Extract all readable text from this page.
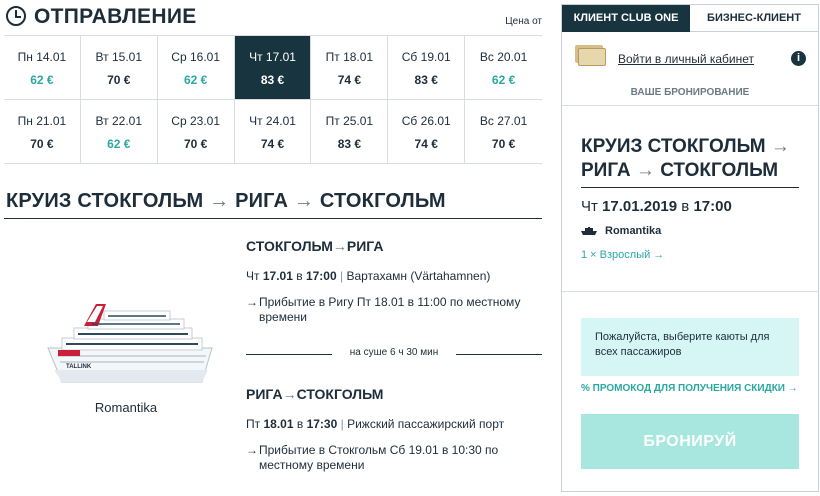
ОТПРАВЛЕНИЕ	Цена от
Пн 14.01
62 €
Вт 15.01
70 €
Ср 16.01
62 €
Чт 17.01
83 €
Пт 18.01
74 €
Сб 19.01
83 €
Вс 20.01
62 €
Пн 21.01
70 €
Вт 22.01
62 €
Ср 23.01
70 €
Чт 24.01
74 €
Пт 25.01
83 €
Сб 26.01
74 €
Вс 27.01
70 €
КРУИЗ СТОКГОЛЬМ → РИГА → СТОКГОЛЬМ
TALLINK
Romantika
СТОКГОЛЬМ→РИГА
Чт 17.01 в 17:00 | Вартахамн (Värtahamnen)
→ Прибытие в Ригу Пт 18.01 в 11:00 по местному времени
на суше 6 ч 30 мин
РИГА→СТОКГОЛЬМ
Пт 18.01 в 17:30 | Рижский пассажирский порт
→ Прибытие в Стокгольм Сб 19.01 в 10:30 по местному времени
КЛИЕНТ CLUB ONE	БИЗНЕС-КЛИЕНТ
Войти в личный кабинет	i
ВАШЕ БРОНИРОВАНИЕ
КРУИЗ СТОКГОЛЬМ →
РИГА → СТОКГОЛЬМ
Чт 17.01.2019 в 17:00
Romantika
1 × Взрослый →
Пожалуйста, выберите каюты для всех пассажиров
% ПРОМОКОД ДЛЯ ПОЛУЧЕНИЯ СКИДКИ →
БРОНИРУЙ
